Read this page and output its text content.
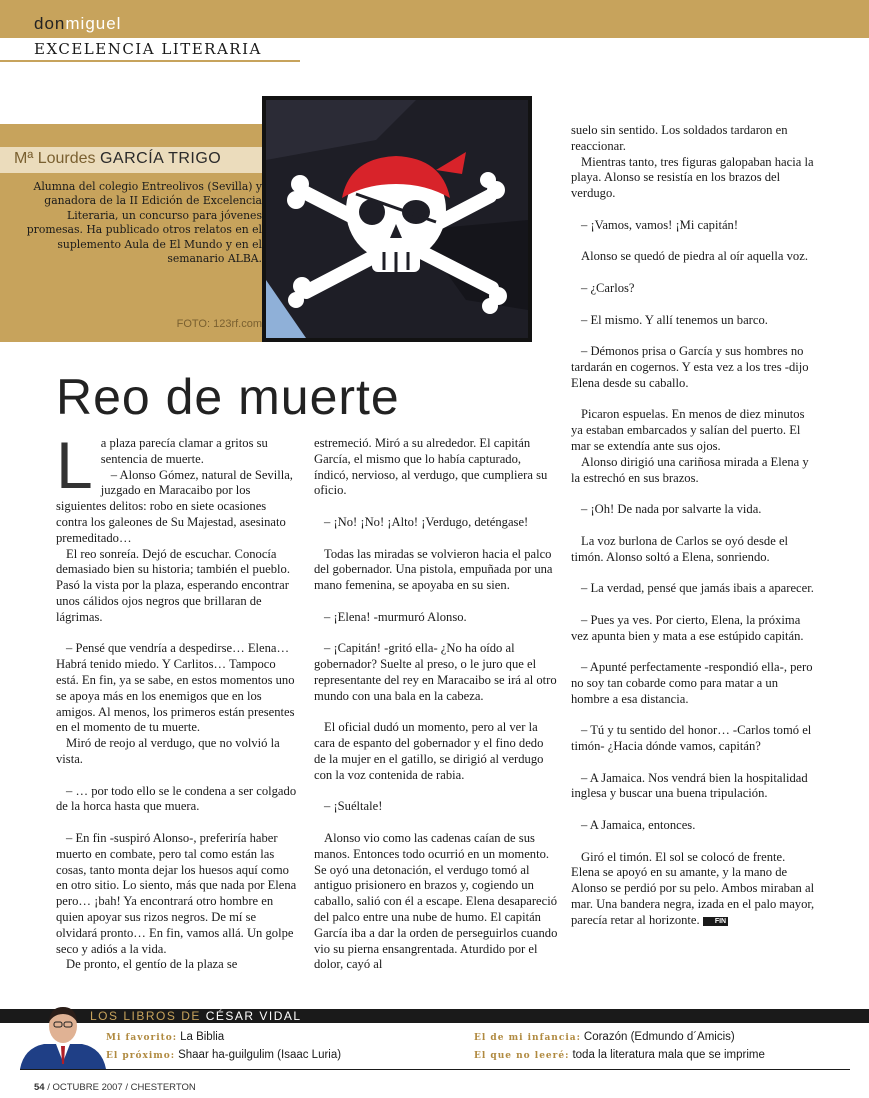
donmiguel
EXCELENCIA LITERARIA
Mª Lourdes GARCÍA TRIGO
Alumna del colegio Entreolivos (Sevilla) y ganadora de la II Edición de Excelencia Literaria, un concurso para jóvenes promesas. Ha publicado otros relatos en el suplemento Aula de El Mundo y en el semanario ALBA.
FOTO: 123rf.com
Reo de muerte

La plaza parecía clamar a gritos su sentencia de muerte.

– Alonso Gómez, natural de Sevilla, juzgado en Maracaibo por los siguientes delitos: robo en siete ocasiones contra los galeones de Su Majestad, asesinato premeditado…

El reo sonreía. Dejó de escuchar. Conocía demasiado bien su historia; también el pueblo. Pasó la vista por la plaza, esperando encontrar unos cálidos ojos negros que brillaran de lágrimas.

– Pensé que vendría a despedirse… Elena… Habrá tenido miedo. Y Carlitos… Tampoco está. En fin, ya se sabe, en estos momentos uno se apoya más en los enemigos que en los amigos. Al menos, los primeros están presentes en el momento de tu muerte.

Miró de reojo al verdugo, que no volvió la vista.

– … por todo ello se le condena a ser colgado de la horca hasta que muera.

– En fin -suspiró Alonso-, preferiría haber muerto en combate, pero tal como están las cosas, tanto monta dejar los huesos aquí como en otro sitio. Lo siento, más que nada por Elena pero… ¡bah! Ya encontrará otro hombre en quien apoyar sus rizos negros. De mí se olvidará pronto… En fin, vamos allá. Un golpe seco y adiós a la vida.

De pronto, el gentío de la plaza se

estremeció. Miró a su alrededor. El capitán García, el mismo que lo había capturado, índicó, nervioso, al verdugo, que cumpliera su oficio.

– ¡No! ¡No! ¡Alto! ¡Verdugo, deténgase!

Todas las miradas se volvieron hacia el palco del gobernador. Una pistola, empuñada por una mano femenina, se apoyaba en su sien.

– ¡Elena! -murmuró Alonso.

– ¡Capitán! -gritó ella- ¿No ha oído al gobernador? Suelte al preso, o le juro que el representante del rey en Maracaibo se irá al otro mundo con una bala en la cabeza.

El oficial dudó un momento, pero al ver la cara de espanto del gobernador y el fino dedo de la mujer en el gatillo, se dirigió al verdugo con la voz contenida de rabia.

– ¡Suéltale!

Alonso vio como las cadenas caían de sus manos. Entonces todo ocurrió en un momento. Se oyó una detonación, el verdugo tomó al antiguo prisionero en brazos y, cogiendo un caballo, salió con él a escape. Elena desapareció del palco entre una nube de humo. El capitán García iba a dar la orden de perseguirlos cuando vio su pierna ensangrentada. Aturdido por el dolor, cayó al

suelo sin sentido. Los soldados tardaron en reaccionar.

Mientras tanto, tres figuras galopaban hacia la playa. Alonso se resistía en los brazos del verdugo.

– ¡Vamos, vamos! ¡Mi capitán!

Alonso se quedó de piedra al oír aquella voz.

– ¿Carlos?

– El mismo. Y allí tenemos un barco.

– Démonos prisa o García y sus hombres no tardarán en cogernos. Y esta vez a los tres -dijo Elena desde su caballo.

Picaron espuelas. En menos de diez minutos ya estaban embarcados y salían del puerto. El mar se extendía ante sus ojos.

Alonso dirigió una cariñosa mirada a Elena y la estrechó en sus brazos.

– ¡Oh! De nada por salvarte la vida.

La voz burlona de Carlos se oyó desde el timón. Alonso soltó a Elena, sonriendo.

– La verdad, pensé que jamás ibais a aparecer.

– Pues ya ves. Por cierto, Elena, la próxima vez apunta bien y mata a ese estúpido capitán.

– Apunté perfectamente -respondió ella-, pero no soy tan cobarde como para matar a un hombre a esa distancia.

– Tú y tu sentido del honor… -Carlos tomó el timón- ¿Hacia dónde vamos, capitán?

– A Jamaica. Nos vendrá bien la hospitalidad inglesa y buscar una buena tripulación.

– A Jamaica, entonces.

Giró el timón. El sol se colocó de frente. Elena se apoyó en su amante, y la mano de Alonso se perdió por su pelo. Ambos miraban al mar. Una bandera negra, izada en el palo mayor, parecía retar al horizonte. FIN

LOS LIBROS DE CÉSAR VIDAL
Mi favorito: La Biblia
El próximo: Shaar ha-guilgulim (Isaac Luria)
El de mi infancia: Corazón (Edmundo d´Amicis)
El que no leeré: toda la literatura mala que se imprime
54 / OCTUBRE 2007 / CHESTERTON
